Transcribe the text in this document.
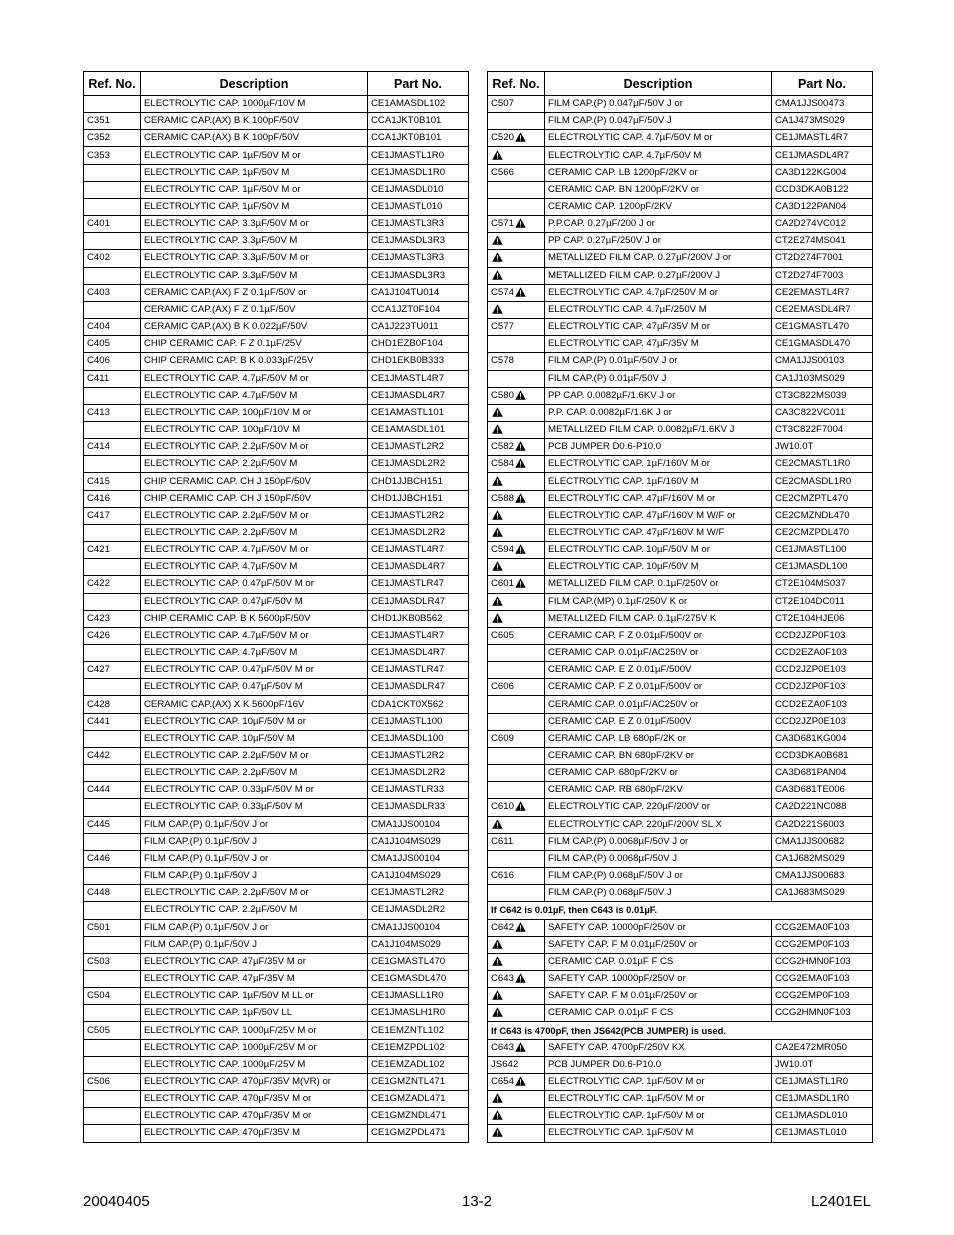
Ref. No.	Description	Part No.
	ELECTROLYTIC CAP. 1000µF/10V M	CE1AMASDL102
C351	CERAMIC CAP.(AX) B K 100pF/50V	CCA1JKT0B101
C352	CERAMIC CAP.(AX) B K 100pF/50V	CCA1JKT0B101
C353	ELECTROLYTIC CAP. 1µF/50V M or	CE1JMASTL1R0
	ELECTROLYTIC CAP. 1µF/50V M	CE1JMASDL1R0
	ELECTROLYTIC CAP. 1µF/50V M or	CE1JMASDL010
	ELECTROLYTIC CAP. 1µF/50V M	CE1JMASTL010
C401	ELECTROLYTIC CAP. 3.3µF/50V M or	CE1JMASTL3R3
	ELECTROLYTIC CAP. 3.3µF/50V M	CE1JMASDL3R3
C402	ELECTROLYTIC CAP. 3.3µF/50V M or	CE1JMASTL3R3
	ELECTROLYTIC CAP. 3.3µF/50V M	CE1JMASDL3R3
C403	CERAMIC CAP.(AX) F Z 0.1µF/50V or	CA1J104TU014
	CERAMIC CAP.(AX) F Z 0.1µF/50V	CCA1JZT0F104
C404	CERAMIC CAP.(AX) B K 0.022µF/50V	CA1J223TU011
C405	CHIP CERAMIC CAP. F Z 0.1µF/25V	CHD1EZB0F104
C406	CHIP CERAMIC CAP. B K 0.033µF/25V	CHD1EKB0B333
C411	ELECTROLYTIC CAP. 4.7µF/50V M or	CE1JMASTL4R7
	ELECTROLYTIC CAP. 4.7µF/50V M	CE1JMASDL4R7
C413	ELECTROLYTIC CAP. 100µF/10V M or	CE1AMASTL101
	ELECTROLYTIC CAP. 100µF/10V M	CE1AMASDL101
C414	ELECTROLYTIC CAP. 2.2µF/50V M or	CE1JMASTL2R2
	ELECTROLYTIC CAP. 2.2µF/50V M	CE1JMASDL2R2
C415	CHIP CERAMIC CAP. CH J 150pF/50V	CHD1JJBCH151
C416	CHIP CERAMIC CAP. CH J 150pF/50V	CHD1JJBCH151
C417	ELECTROLYTIC CAP. 2.2µF/50V M or	CE1JMASTL2R2
	ELECTROLYTIC CAP. 2.2µF/50V M	CE1JMASDL2R2
C421	ELECTROLYTIC CAP. 4.7µF/50V M or	CE1JMASTL4R7
	ELECTROLYTIC CAP. 4.7µF/50V M	CE1JMASDL4R7
C422	ELECTROLYTIC CAP. 0.47µF/50V M or	CE1JMASTLR47
	ELECTROLYTIC CAP. 0.47µF/50V M	CE1JMASDLR47
C423	CHIP CERAMIC CAP. B K 5600pF/50V	CHD1JKB0B562
C426	ELECTROLYTIC CAP. 4.7µF/50V M or	CE1JMASTL4R7
	ELECTROLYTIC CAP. 4.7µF/50V M	CE1JMASDL4R7
C427	ELECTROLYTIC CAP. 0.47µF/50V M or	CE1JMASTLR47
	ELECTROLYTIC CAP. 0.47µF/50V M	CE1JMASDLR47
C428	CERAMIC CAP.(AX) X K 5600pF/16V	CDA1CKT0X562
C441	ELECTROLYTIC CAP. 10µF/50V M or	CE1JMASTL100
	ELECTROLYTIC CAP. 10µF/50V M	CE1JMASDL100
C442	ELECTROLYTIC CAP. 2.2µF/50V M or	CE1JMASTL2R2
	ELECTROLYTIC CAP. 2.2µF/50V M	CE1JMASDL2R2
C444	ELECTROLYTIC CAP. 0.33µF/50V M or	CE1JMASTLR33
	ELECTROLYTIC CAP. 0.33µF/50V M	CE1JMASDLR33
C445	FILM CAP.(P) 0.1µF/50V J or	CMA1JJS00104
	FILM CAP.(P) 0.1µF/50V J	CA1J104MS029
C446	FILM CAP.(P) 0.1µF/50V J or	CMA1JJS00104
	FILM CAP.(P) 0.1µF/50V J	CA1J104MS029
C448	ELECTROLYTIC CAP. 2.2µF/50V M or	CE1JMASTL2R2
	ELECTROLYTIC CAP. 2.2µF/50V M	CE1JMASDL2R2
C501	FILM CAP.(P) 0.1µF/50V J or	CMA1JJS00104
	FILM CAP.(P) 0.1µF/50V J	CA1J104MS029
C503	ELECTROLYTIC CAP. 47µF/35V M or	CE1GMASTL470
	ELECTROLYTIC CAP. 47µF/35V M	CE1GMASDL470
C504	ELECTROLYTIC CAP. 1µF/50V M LL or	CE1JMASLL1R0
	ELECTROLYTIC CAP. 1µF/50V LL	CE1JMASLH1R0
C505	ELECTROLYTIC CAP. 1000µF/25V M or	CE1EMZNTL102
	ELECTROLYTIC CAP. 1000µF/25V M or	CE1EMZPDL102
	ELECTROLYTIC CAP. 1000µF/25V M	CE1EMZADL102
C506	ELECTROLYTIC CAP. 470µF/35V M(VR) or	CE1GMZNTL471
	ELECTROLYTIC CAP. 470µF/35V M or	CE1GMZADL471
	ELECTROLYTIC CAP. 470µF/35V M or	CE1GMZNDL471
	ELECTROLYTIC CAP. 470µF/35V M	CE1GMZPDL471
Ref. No.	Description	Part No.
C507	FILM CAP.(P) 0.047µF/50V J or	CMA1JJS00473
	FILM CAP.(P) 0.047µF/50V J	CA1J473MS029
C520	ELECTROLYTIC CAP. 4.7µF/50V M or	CE1JMASTL4R7
	ELECTROLYTIC CAP. 4.7µF/50V M	CE1JMASDL4R7
C566	CERAMIC CAP. LB 1200pF/2KV or	CA3D122KG004
	CERAMIC CAP. BN 1200pF/2KV or	CCD3DKA0B122
	CERAMIC CAP. 1200pF/2KV	CA3D122PAN04
C571	P.P.CAP. 0.27µF/200 J or	CA2D274VC012
	PP CAP. 0.27µF/250V J or	CT2E274MS041
	METALLIZED FILM CAP. 0.27µF/200V J or	CT2D274F7001
	METALLIZED FILM CAP. 0.27µF/200V J	CT2D274F7003
C574	ELECTROLYTIC CAP. 4.7µF/250V M or	CE2EMASTL4R7
	ELECTROLYTIC CAP. 4.7µF/250V M	CE2EMASDL4R7
C577	ELECTROLYTIC CAP. 47µF/35V M or	CE1GMASTL470
	ELECTROLYTIC CAP. 47µF/35V M	CE1GMASDL470
C578	FILM CAP.(P) 0.01µF/50V J or	CMA1JJS00103
	FILM CAP.(P) 0.01µF/50V J	CA1J103MS029
C580	PP CAP. 0.0082µF/1.6KV J or	CT3C822MS039
	P.P. CAP. 0.0082µF/1.6K J or	CA3C822VC011
	METALLIZED FILM CAP. 0.0082µF/1.6KV J	CT3C822F7004
C582	PCB JUMPER D0.6-P10.0	JW10.0T
C584	ELECTROLYTIC CAP. 1µF/160V M or	CE2CMASTL1R0
	ELECTROLYTIC CAP. 1µF/160V M	CE2CMASDL1R0
C588	ELECTROLYTIC CAP. 47µF/160V M or	CE2CMZPTL470
	ELECTROLYTIC CAP. 47µF/160V M W/F or	CE2CMZNDL470
	ELECTROLYTIC CAP. 47µF/160V M W/F	CE2CMZPDL470
C594	ELECTROLYTIC CAP. 10µF/50V M or	CE1JMASTL100
	ELECTROLYTIC CAP. 10µF/50V M	CE1JMASDL100
C601	METALLIZED FILM CAP. 0.1µF/250V or	CT2E104MS037
	FILM CAP.(MP) 0.1µF/250V K or	CT2E104DC011
	METALLIZED FILM CAP. 0.1µF/275V K	CT2E104HJE06
C605	CERAMIC CAP. F Z 0.01µF/500V or	CCD2JZP0F103
	CERAMIC CAP. 0.01µF/AC250V or	CCD2EZA0F103
	CERAMIC CAP. E Z 0.01µF/500V	CCD2JZP0E103
C606	CERAMIC CAP. F Z 0.01µF/500V or	CCD2JZP0F103
	CERAMIC CAP. 0.01µF/AC250V or	CCD2EZA0F103
	CERAMIC CAP. E Z 0.01µF/500V	CCD2JZP0E103
C609	CERAMIC CAP. LB 680pF/2K or	CA3D681KG004
	CERAMIC CAP. BN 680pF/2KV or	CCD3DKA0B681
	CERAMIC CAP. 680pF/2KV or	CA3D681PAN04
	CERAMIC CAP. RB 680pF/2KV	CA3D681TE006
C610	ELECTROLYTIC CAP. 220µF/200V or	CA2D221NC088
	ELECTROLYTIC CAP. 220µF/200V SL X	CA2D221S6003
C611	FILM CAP.(P) 0.0068µF/50V J or	CMA1JJS00682
	FILM CAP.(P) 0.0068µF/50V J	CA1J682MS029
C616	FILM CAP.(P) 0.068µF/50V J or	CMA1JJS00683
	FILM CAP.(P) 0.068µF/50V J	CA1J683MS029
If C642 is 0.01µF, then C643 is 0.01µF.		
C642	SAFETY CAP. 10000pF/250V or	CCG2EMA0F103
	SAFETY CAP. F M 0.01µF/250V or	CCG2EMP0F103
	CERAMIC CAP. 0.01µF F CS	CCG2HMN0F103
C643	SAFETY CAP. 10000pF/250V or	CCG2EMA0F103
	SAFETY CAP. F M 0.01µF/250V or	CCG2EMP0F103
	CERAMIC CAP. 0.01µF F CS	CCG2HMN0F103
If C643 is 4700pF, then JS642(PCB JUMPER) is used.		
C643	SAFETY CAP. 4700pF/250V KX	CA2E472MR050
JS642	PCB JUMPER D0.6-P10.0	JW10.0T
C654	ELECTROLYTIC CAP. 1µF/50V M or	CE1JMASTL1R0
	ELECTROLYTIC CAP. 1µF/50V M or	CE1JMASDL1R0
	ELECTROLYTIC CAP. 1µF/50V M or	CE1JMASDL010
	ELECTROLYTIC CAP. 1µF/50V M	CE1JMASTL010
20040405	13-2	L2401EL
